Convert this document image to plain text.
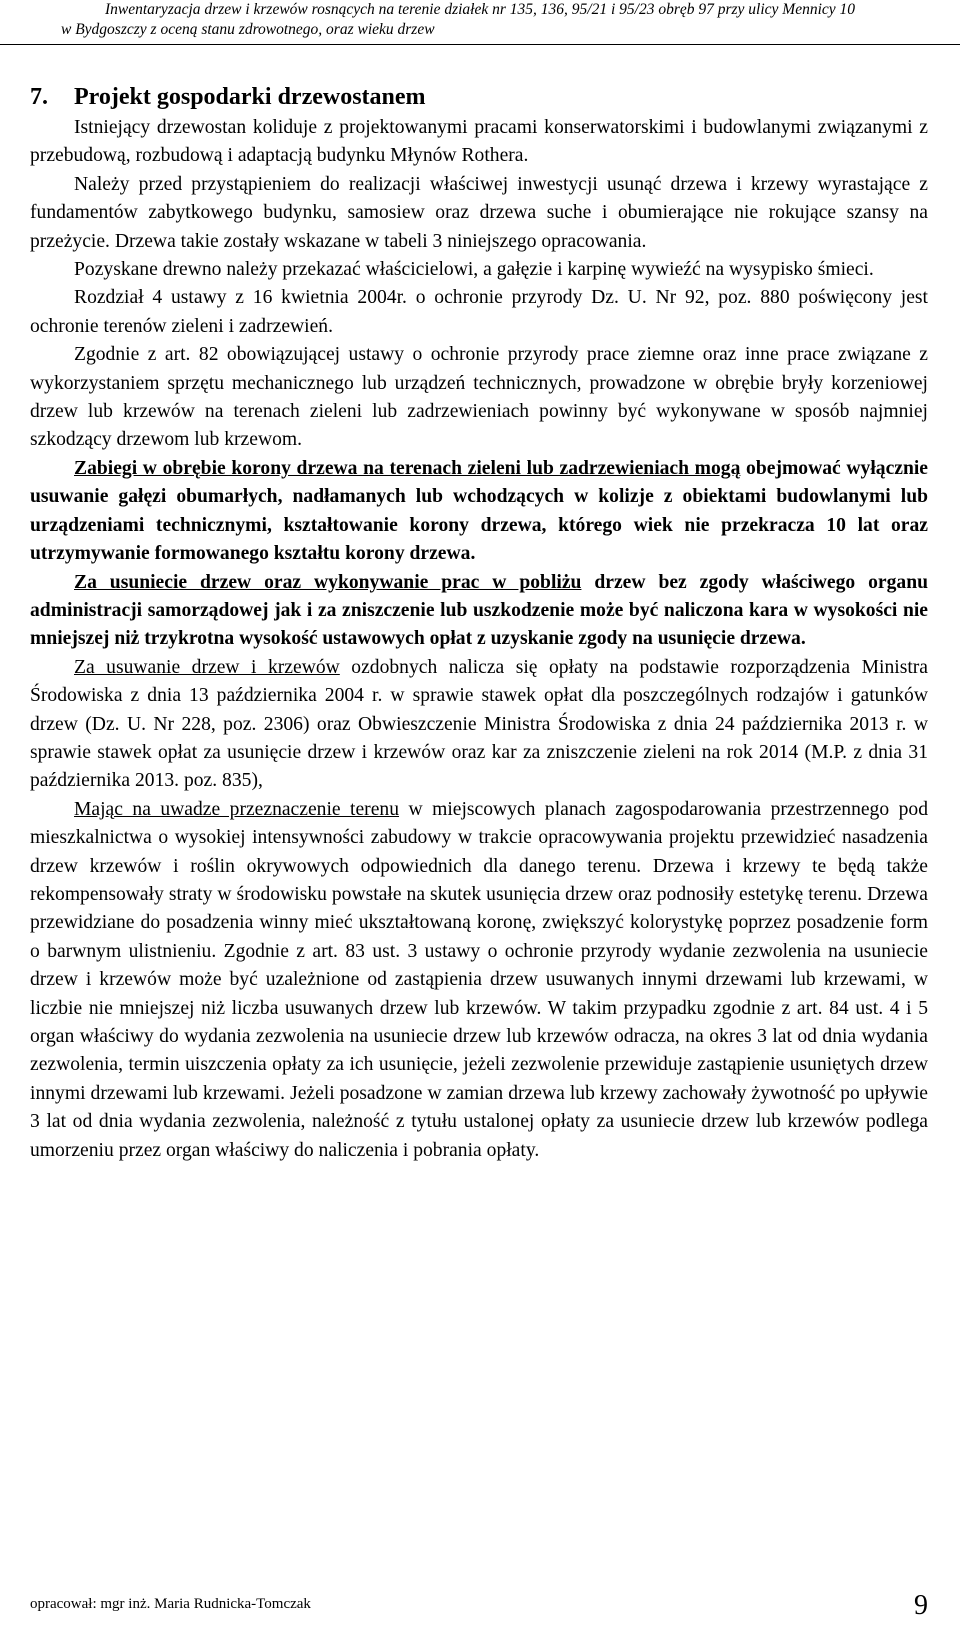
Inwentaryzacja drzew i krzewów rosnących na terenie działek nr 135, 136, 95/21 i 95/23 obręb 97 przy ulicy Mennicy 10
w Bydgoszczy z oceną stanu zdrowotnego, oraz wieku drzew
7. Projekt gospodarki drzewostanem

Istniejący drzewostan koliduje z projektowanymi pracami konserwatorskimi i budowlanymi związanymi z przebudową, rozbudową i adaptacją budynku Młynów Rothera.

Należy przed przystąpieniem do realizacji właściwej inwestycji usunąć drzewa i krzewy wyrastające z fundamentów zabytkowego budynku, samosiew oraz drzewa suche i obumierające nie rokujące szansy na przeżycie. Drzewa takie zostały wskazane w tabeli 3 niniejszego opracowania.

Pozyskane drewno należy przekazać właścicielowi, a gałęzie i karpinę wywieźć na wysypisko śmieci.

Rozdział 4 ustawy z 16 kwietnia 2004r. o ochronie przyrody Dz. U. Nr 92, poz. 880 poświęcony jest ochronie terenów zieleni i zadrzewień.

Zgodnie z art. 82 obowiązującej ustawy o ochronie przyrody prace ziemne oraz inne prace związane z wykorzystaniem sprzętu mechanicznego lub urządzeń technicznych, prowadzone w obrębie bryły korzeniowej drzew lub krzewów na terenach zieleni lub zadrzewieniach powinny być wykonywane w sposób najmniej szkodzący drzewom lub krzewom.

Zabiegi w obrębie korony drzewa na terenach zieleni lub zadrzewieniach mogą obejmować wyłącznie usuwanie gałęzi obumarłych, nadłamanych lub wchodzących w kolizje z obiektami budowlanymi lub urządzeniami technicznymi, kształtowanie korony drzewa, którego wiek nie przekracza 10 lat oraz utrzymywanie formowanego kształtu korony drzewa.

Za usuniecie drzew oraz wykonywanie prac w pobliżu drzew bez zgody właściwego organu administracji samorządowej jak i za zniszczenie lub uszkodzenie może być naliczona kara w wysokości nie mniejszej niż trzykrotna wysokość ustawowych opłat z uzyskanie zgody na usunięcie drzewa.

Za usuwanie drzew i krzewów ozdobnych nalicza się opłaty na podstawie rozporządzenia Ministra Środowiska z dnia 13 października 2004 r. w sprawie stawek opłat dla poszczególnych rodzajów i gatunków drzew (Dz. U. Nr 228, poz. 2306) oraz Obwieszczenie Ministra Środowiska z dnia 24 października 2013 r. w sprawie stawek opłat za usunięcie drzew i krzewów oraz kar za zniszczenie zieleni na rok 2014 (M.P. z dnia 31 października 2013. poz. 835),

Mając na uwadze przeznaczenie terenu w miejscowych planach zagospodarowania przestrzennego pod mieszkalnictwa o wysokiej intensywności zabudowy w trakcie opracowywania projektu przewidzieć nasadzenia drzew krzewów i roślin okrywowych odpowiednich dla danego terenu. Drzewa i krzewy te będą także rekompensowały straty w środowisku powstałe na skutek usunięcia drzew oraz podnosiły estetykę terenu. Drzewa przewidziane do posadzenia winny mieć ukształtowaną koronę, zwiększyć kolorystykę poprzez posadzenie form o barwnym ulistnieniu. Zgodnie z art. 83 ust. 3 ustawy o ochronie przyrody wydanie zezwolenia na usuniecie drzew i krzewów może być uzależnione od zastąpienia drzew usuwanych innymi drzewami lub krzewami, w liczbie nie mniejszej niż liczba usuwanych drzew lub krzewów. W takim przypadku zgodnie z art. 84 ust. 4 i 5 organ właściwy do wydania zezwolenia na usuniecie drzew lub krzewów odracza, na okres 3 lat od dnia wydania zezwolenia, termin uiszczenia opłaty za ich usunięcie, jeżeli zezwolenie przewiduje zastąpienie usuniętych drzew innymi drzewami lub krzewami. Jeżeli posadzone w zamian drzewa lub krzewy zachowały żywotność po upływie 3 lat od dnia wydania zezwolenia, należność z tytułu ustalonej opłaty za usuniecie drzew lub krzewów podlega umorzeniu przez organ właściwy do naliczenia i pobrania opłaty.

opracował: mgr inż. Maria Rudnicka-Tomczak	9
